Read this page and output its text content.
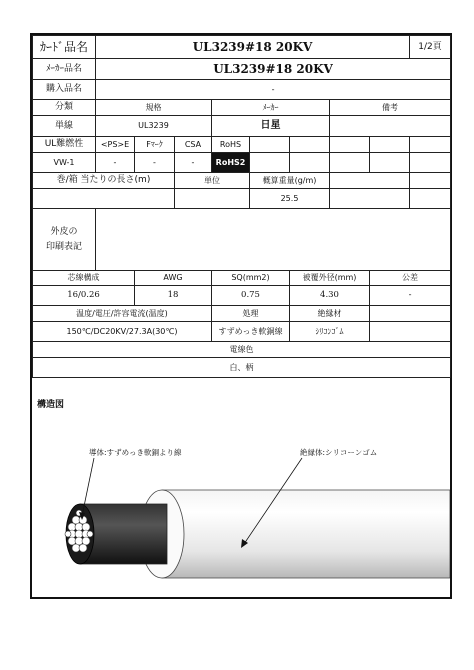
ｶｰﾄﾞ品名	UL3239#18 20KV								1/2頁
ﾒｰｶｰ品名	UL3239#18 20KV								
購入品名	-								
分類	規格			ﾒｰｶｰ			備考		
単線	UL3239			日星					
UL難燃性	<PS>E	Fﾏｰｸ	CSA	RoHS					
VW-1	-	-	-	RoHS2					
巻/箱 当たりの長さ(m)			単位		概算重量(g/m)				
					25.5				

外皮の
印刷表記									

芯線構成		AWG		SQ(mm2)		被覆外径(mm)		公差	
16/0.26		18		0.75		4.30		-	
温度/電圧/許容電流(温度)				処理		絶縁材			
150℃/DC20KV/27.3A(30℃)				すずめっき軟銅線		ｼﾘｺﾝｺﾞﾑ			
電線色									
白、柄									
構造図
導体:すずめっき軟銅より線	絶縁体:シリコーンゴム
